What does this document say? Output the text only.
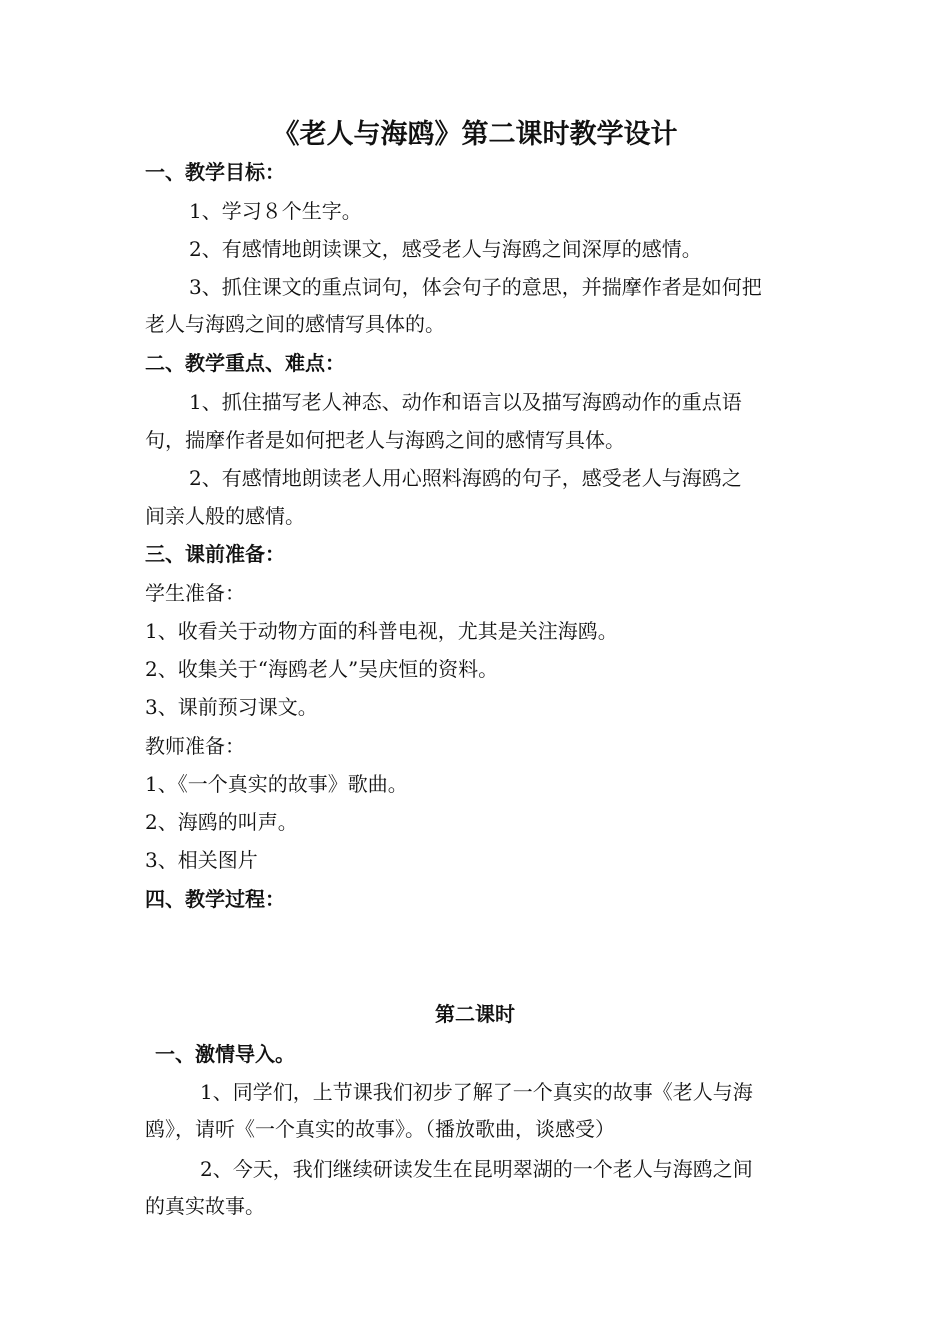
《老人与海鸥》第二课时教学设计
一、教学目标：
1、学习８个生字。
2、有感情地朗读课文，感受老人与海鸥之间深厚的感情。
3、抓住课文的重点词句，体会句子的意思，并揣摩作者是如何把
老人与海鸥之间的感情写具体的。
二、教学重点、难点：
1、抓住描写老人神态、动作和语言以及描写海鸥动作的重点语
句，揣摩作者是如何把老人与海鸥之间的感情写具体。
2、有感情地朗读老人用心照料海鸥的句子，感受老人与海鸥之
间亲人般的感情。
三、课前准备：
学生准备：
1、收看关于动物方面的科普电视，尤其是关注海鸥。
2、收集关于“海鸥老人”吴庆恒的资料。
3、课前预习课文。
教师准备：
1、《一个真实的故事》歌曲。
2、海鸥的叫声。
3、相关图片
四、教学过程：
第二课时
一、激情导入。
1、同学们，上节课我们初步了解了一个真实的故事《老人与海
鸥》，请听《一个真实的故事》。（播放歌曲，谈感受）
2、今天，我们继续研读发生在昆明翠湖的一个老人与海鸥之间
的真实故事。
